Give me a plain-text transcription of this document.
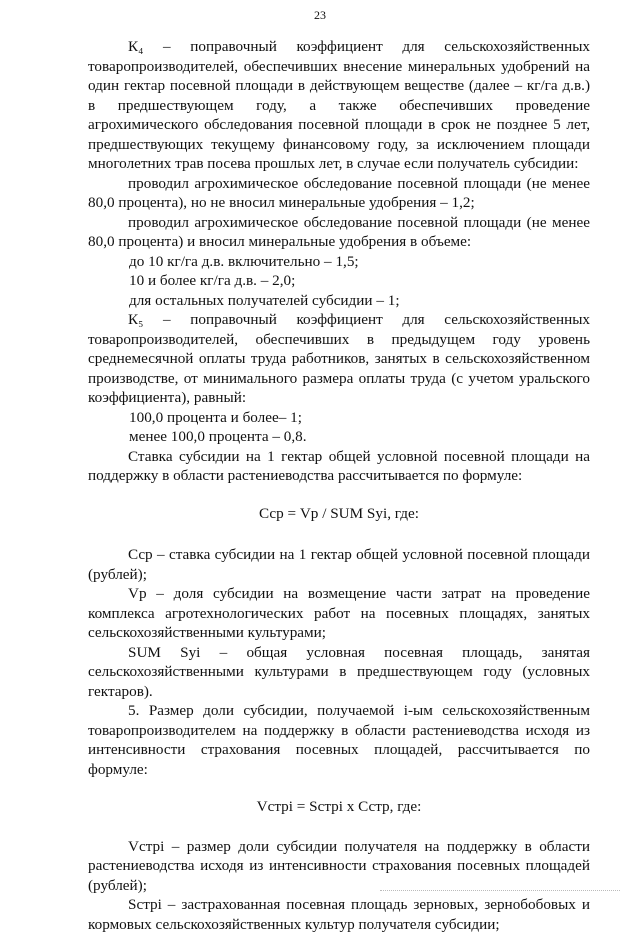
23

К₄ – поправочный коэффициент для сельскохозяйственных товаропроизводителей, обеспечивших внесение минеральных удобрений на один гектар посевной площади в действующем веществе (далее – кг/га д.в.) в предшествующем году, а также обеспечивших проведение агрохимического обследования посевной площади в срок не позднее 5 лет, предшествующих текущему финансовому году, за исключением площади многолетних трав посева прошлых лет, в случае если получатель субсидии:

проводил агрохимическое обследование посевной площади (не менее 80,0 процента), но не вносил минеральные удобрения – 1,2;

проводил агрохимическое обследование посевной площади (не менее 80,0 процента) и вносил минеральные удобрения в объеме:

до 10 кг/га д.в. включительно – 1,5;

10 и более кг/га д.в. – 2,0;

для остальных получателей субсидии – 1;

К₅ – поправочный коэффициент для сельскохозяйственных товаропроизводителей, обеспечивших в предыдущем году уровень среднемесячной оплаты труда работников, занятых в сельскохозяйственном производстве, от минимального размера оплаты труда (с учетом уральского коэффициента), равный:

100,0 процента и более– 1;

менее 100,0 процента – 0,8.

Ставка субсидии на 1 гектар общей условной посевной площади на поддержку в области растениеводства рассчитывается по формуле:

Сср = Vр / SUM Syi, где:

Сср – ставка субсидии на 1 гектар общей условной посевной площади (рублей);

Vр – доля субсидии на возмещение части затрат на проведение комплекса агротехнологических работ на посевных площадях, занятых сельскохозяйственными культурами;

SUM Syi – общая условная посевная площадь, занятая сельскохозяйственными культурами в предшествующем году (условных гектаров).

5. Размер доли субсидии, получаемой i-ым сельскохозяйственным товаропроизводителем на поддержку в области растениеводства исходя из интенсивности страхования посевных площадей, рассчитывается по формуле:

Vстрi = Sстрi х Сстр, где:

Vстрi – размер доли субсидии получателя на поддержку в области растениеводства исходя из интенсивности страхования посевных площадей (рублей);

Sстрi – застрахованная посевная площадь зерновых, зернобобовых и кормовых сельскохозяйственных культур получателя субсидии;
